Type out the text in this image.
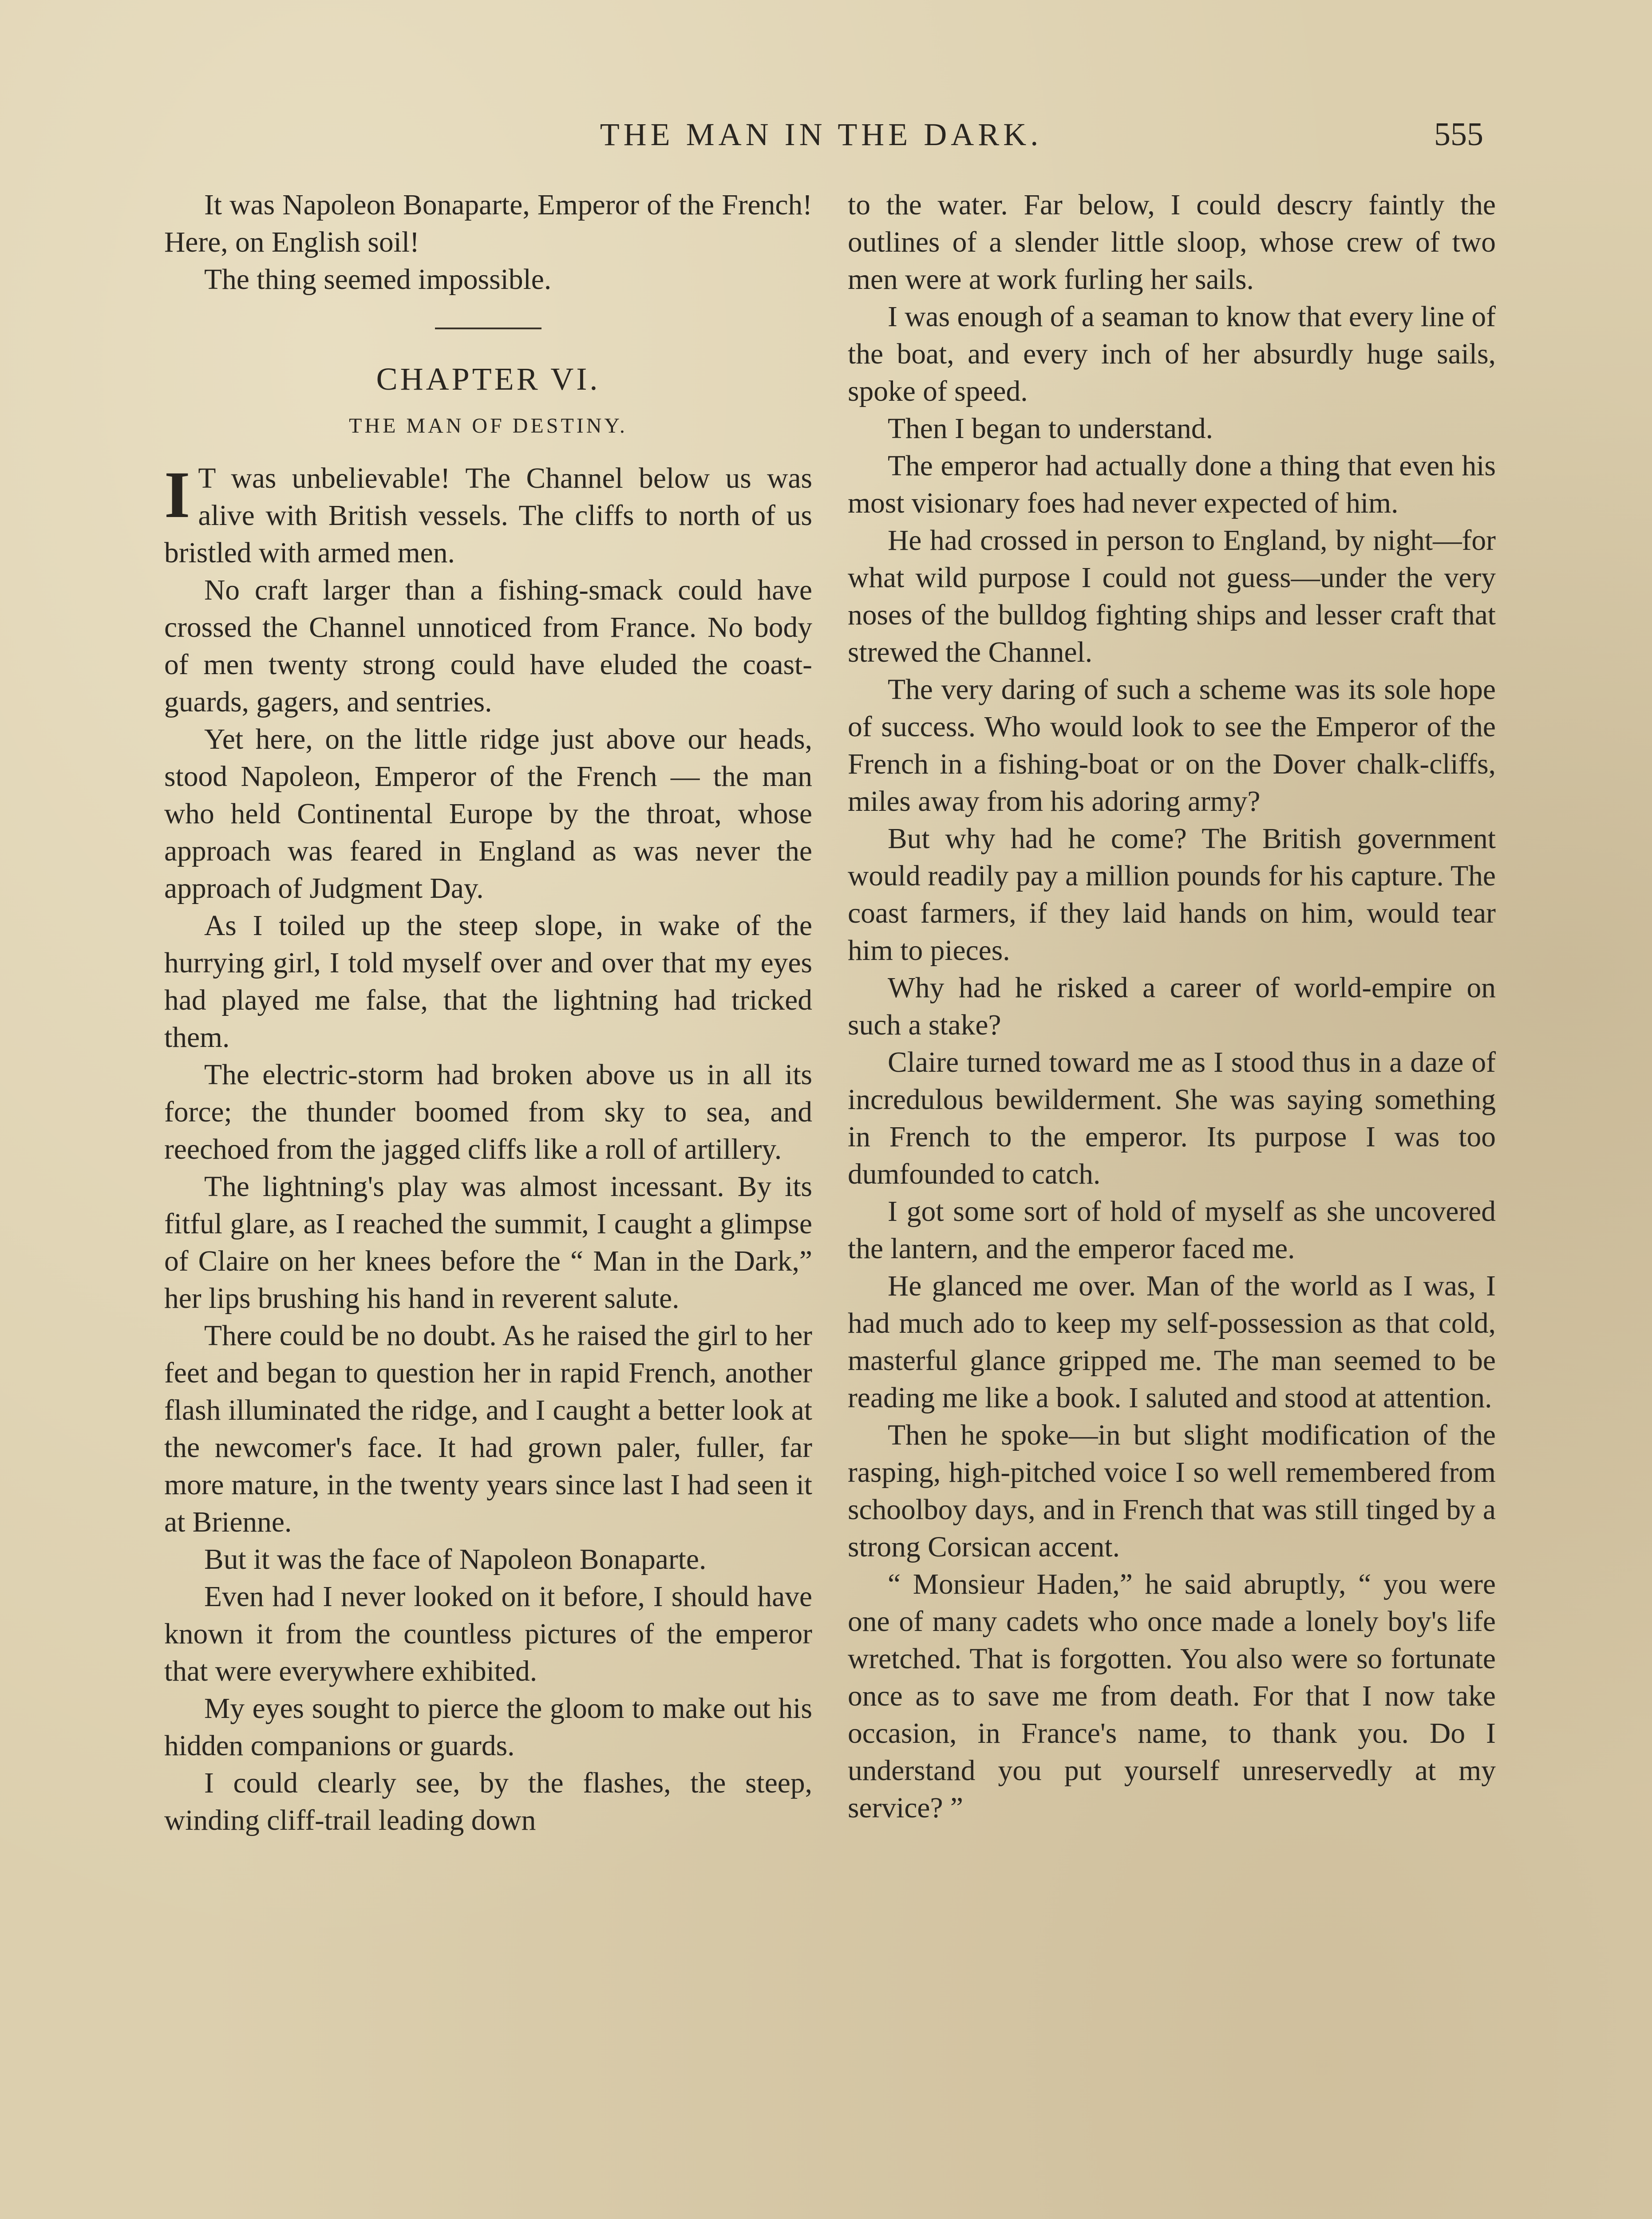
THE MAN IN THE DARK.	555

It was Napoleon Bonaparte, Emperor of the French! Here, on English soil!

The thing seemed impossible.

CHAPTER VI.
THE MAN OF DESTINY.

I T was unbelievable! The Channel below us was alive with British vessels. The cliffs to north of us bristled with armed men.

No craft larger than a fishing-smack could have crossed the Channel unnoticed from France. No body of men twenty strong could have eluded the coast-guards, gagers, and sentries.

Yet here, on the little ridge just above our heads, stood Napoleon, Emperor of the French — the man who held Continental Europe by the throat, whose approach was feared in England as was never the approach of Judgment Day.

As I toiled up the steep slope, in wake of the hurrying girl, I told myself over and over that my eyes had played me false, that the lightning had tricked them.

The electric-storm had broken above us in all its force; the thunder boomed from sky to sea, and reechoed from the jagged cliffs like a roll of artillery.

The lightning's play was almost incessant. By its fitful glare, as I reached the summit, I caught a glimpse of Claire on her knees before the “ Man in the Dark,” her lips brushing his hand in reverent salute.

There could be no doubt. As he raised the girl to her feet and began to question her in rapid French, another flash illuminated the ridge, and I caught a better look at the newcomer's face. It had grown paler, fuller, far more mature, in the twenty years since last I had seen it at Brienne.

But it was the face of Napoleon Bonaparte.

Even had I never looked on it before, I should have known it from the countless pictures of the emperor that were everywhere exhibited.

My eyes sought to pierce the gloom to make out his hidden companions or guards.

I could clearly see, by the flashes, the steep, winding cliff-trail leading down

to the water. Far below, I could descry faintly the outlines of a slender little sloop, whose crew of two men were at work furling her sails.

I was enough of a seaman to know that every line of the boat, and every inch of her absurdly huge sails, spoke of speed.

Then I began to understand.

The emperor had actually done a thing that even his most visionary foes had never expected of him.

He had crossed in person to England, by night—for what wild purpose I could not guess—under the very noses of the bulldog fighting ships and lesser craft that strewed the Channel.

The very daring of such a scheme was its sole hope of success. Who would look to see the Emperor of the French in a fishing-boat or on the Dover chalk-cliffs, miles away from his adoring army?

But why had he come? The British government would readily pay a million pounds for his capture. The coast farmers, if they laid hands on him, would tear him to pieces.

Why had he risked a career of world-empire on such a stake?

Claire turned toward me as I stood thus in a daze of incredulous bewilderment. She was saying something in French to the emperor. Its purpose I was too dumfounded to catch.

I got some sort of hold of myself as she uncovered the lantern, and the emperor faced me.

He glanced me over. Man of the world as I was, I had much ado to keep my self-possession as that cold, masterful glance gripped me. The man seemed to be reading me like a book. I saluted and stood at attention.

Then he spoke—in but slight modification of the rasping, high-pitched voice I so well remembered from schoolboy days, and in French that was still tinged by a strong Corsican accent.

“ Monsieur Haden,” he said abruptly, “ you were one of many cadets who once made a lonely boy's life wretched. That is forgotten. You also were so fortunate once as to save me from death. For that I now take occasion, in France's name, to thank you. Do I understand you put yourself unreservedly at my service? ”
